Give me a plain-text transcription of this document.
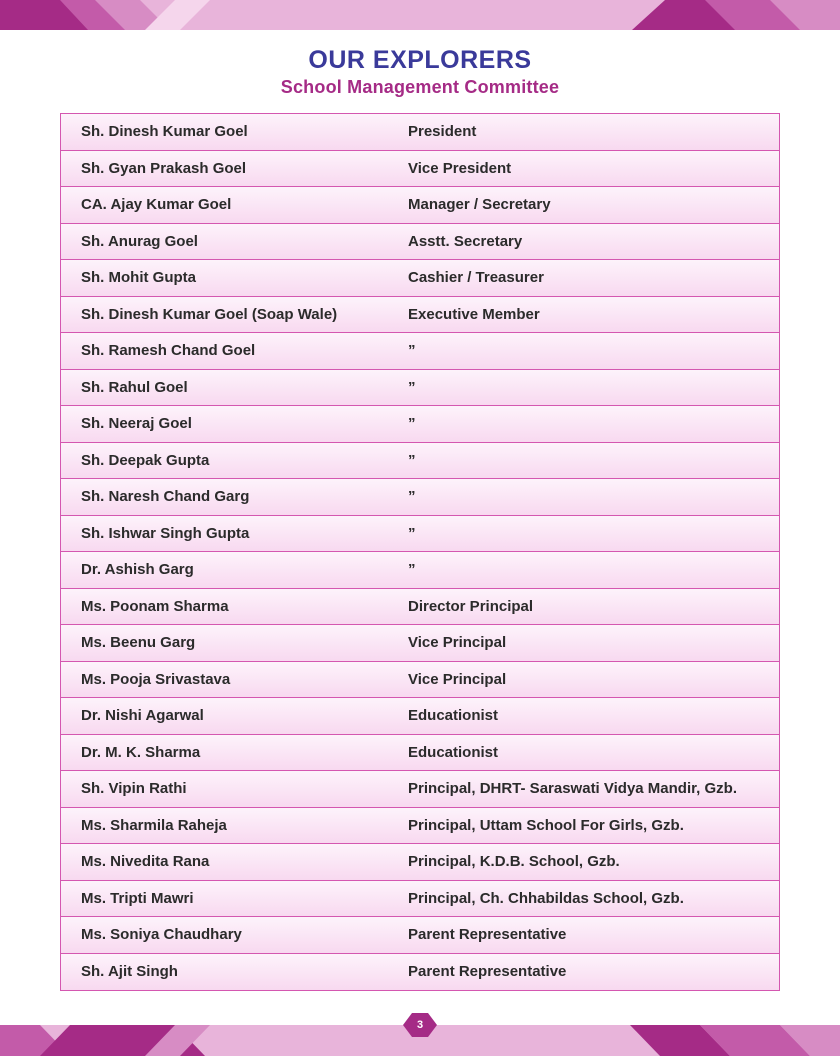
OUR EXPLORERS
School Management Committee
Sh. Dinesh Kumar Goel	President
Sh. Gyan Prakash Goel	Vice President
CA. Ajay Kumar Goel	Manager / Secretary
Sh. Anurag Goel	Asstt. Secretary
Sh. Mohit Gupta	Cashier / Treasurer
Sh. Dinesh Kumar Goel (Soap Wale)	Executive Member
Sh. Ramesh Chand Goel	”
Sh. Rahul Goel	”
Sh. Neeraj Goel	”
Sh. Deepak Gupta	”
Sh. Naresh Chand Garg	”
Sh. Ishwar Singh Gupta	”
Dr. Ashish Garg	”
Ms. Poonam Sharma	Director Principal
Ms. Beenu Garg	Vice Principal
Ms. Pooja Srivastava	Vice Principal
Dr. Nishi Agarwal	Educationist
Dr. M. K. Sharma	Educationist
Sh. Vipin Rathi	Principal, DHRT- Saraswati Vidya Mandir, Gzb.
Ms. Sharmila Raheja	Principal, Uttam School For Girls, Gzb.
Ms. Nivedita Rana	Principal, K.D.B. School, Gzb.
Ms. Tripti Mawri	Principal, Ch. Chhabildas School, Gzb.
Ms. Soniya Chaudhary	Parent Representative
Sh. Ajit Singh	Parent Representative
3
